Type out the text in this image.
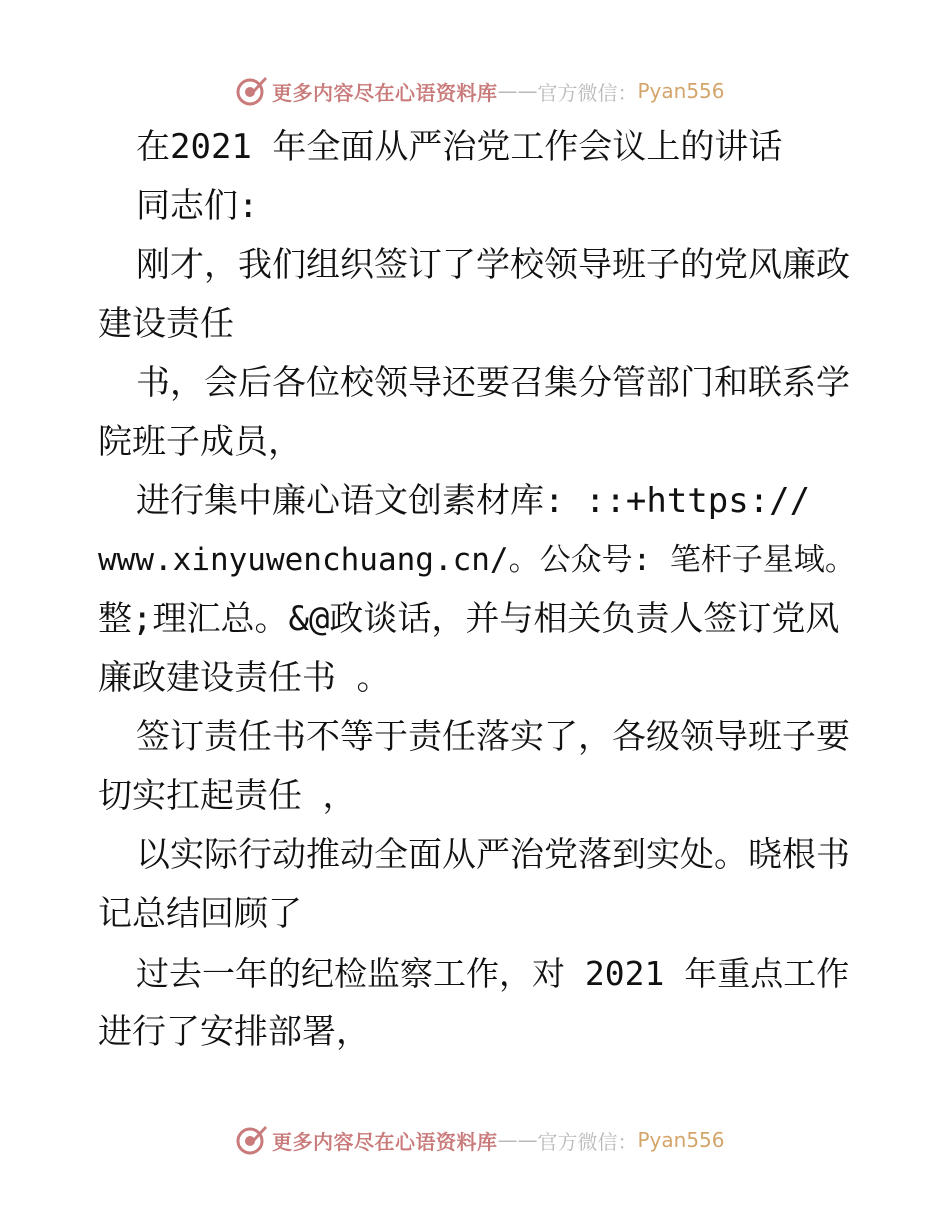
更多内容尽在心语资料库 —— 官方微信： Pyan556
在2021 年全面从严治党工作会议上的讲话
同志们:
刚才，我们组织签订了学校领导班子的党风廉政
建设责任
书，会后各位校领导还要召集分管部门和联系学
院班子成员，
进行集中廉心语文创素材库: ::+https://
www.xinyuwenchuang.cn/。公众号: 笔杆子星域。
整;理汇总。&@政谈话，并与相关负责人签订党风
廉政建设责任书 。
签订责任书不等于责任落实了，各级领导班子要
切实扛起责任 ，
以实际行动推动全面从严治党落到实处。晓根书
记总结回顾了
过去一年的纪检监察工作，对 2021 年重点工作
进行了安排部署，
更多内容尽在心语资料库 —— 官方微信： Pyan556
